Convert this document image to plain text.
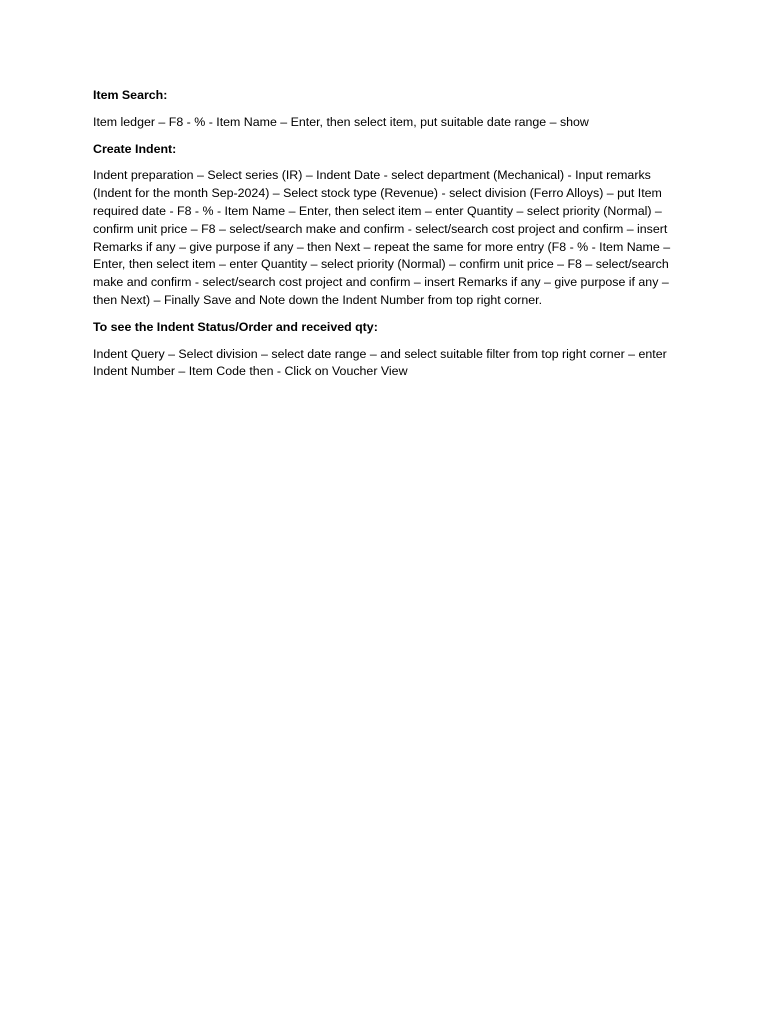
Item Search:

Item ledger – F8 - % - Item Name – Enter, then select item, put suitable date range – show

Create Indent:

Indent preparation – Select series (IR) – Indent Date - select department (Mechanical) - Input remarks (Indent for the month Sep-2024) – Select stock type (Revenue) - select division (Ferro Alloys) – put Item required date - F8 - % - Item Name – Enter, then select item – enter Quantity – select priority (Normal) – confirm unit price – F8 – select/search make and confirm - select/search cost project and confirm – insert Remarks if any – give purpose if any – then Next – repeat the same for more entry (F8 - % - Item Name – Enter, then select item – enter Quantity – select priority (Normal) – confirm unit price – F8 – select/search make and confirm - select/search cost project and confirm – insert Remarks if any – give purpose if any – then Next) – Finally Save and Note down the Indent Number from top right corner.

To see the Indent Status/Order and received qty:

Indent Query – Select division – select date range – and select suitable filter from top right corner – enter Indent Number – Item Code then - Click on Voucher View
